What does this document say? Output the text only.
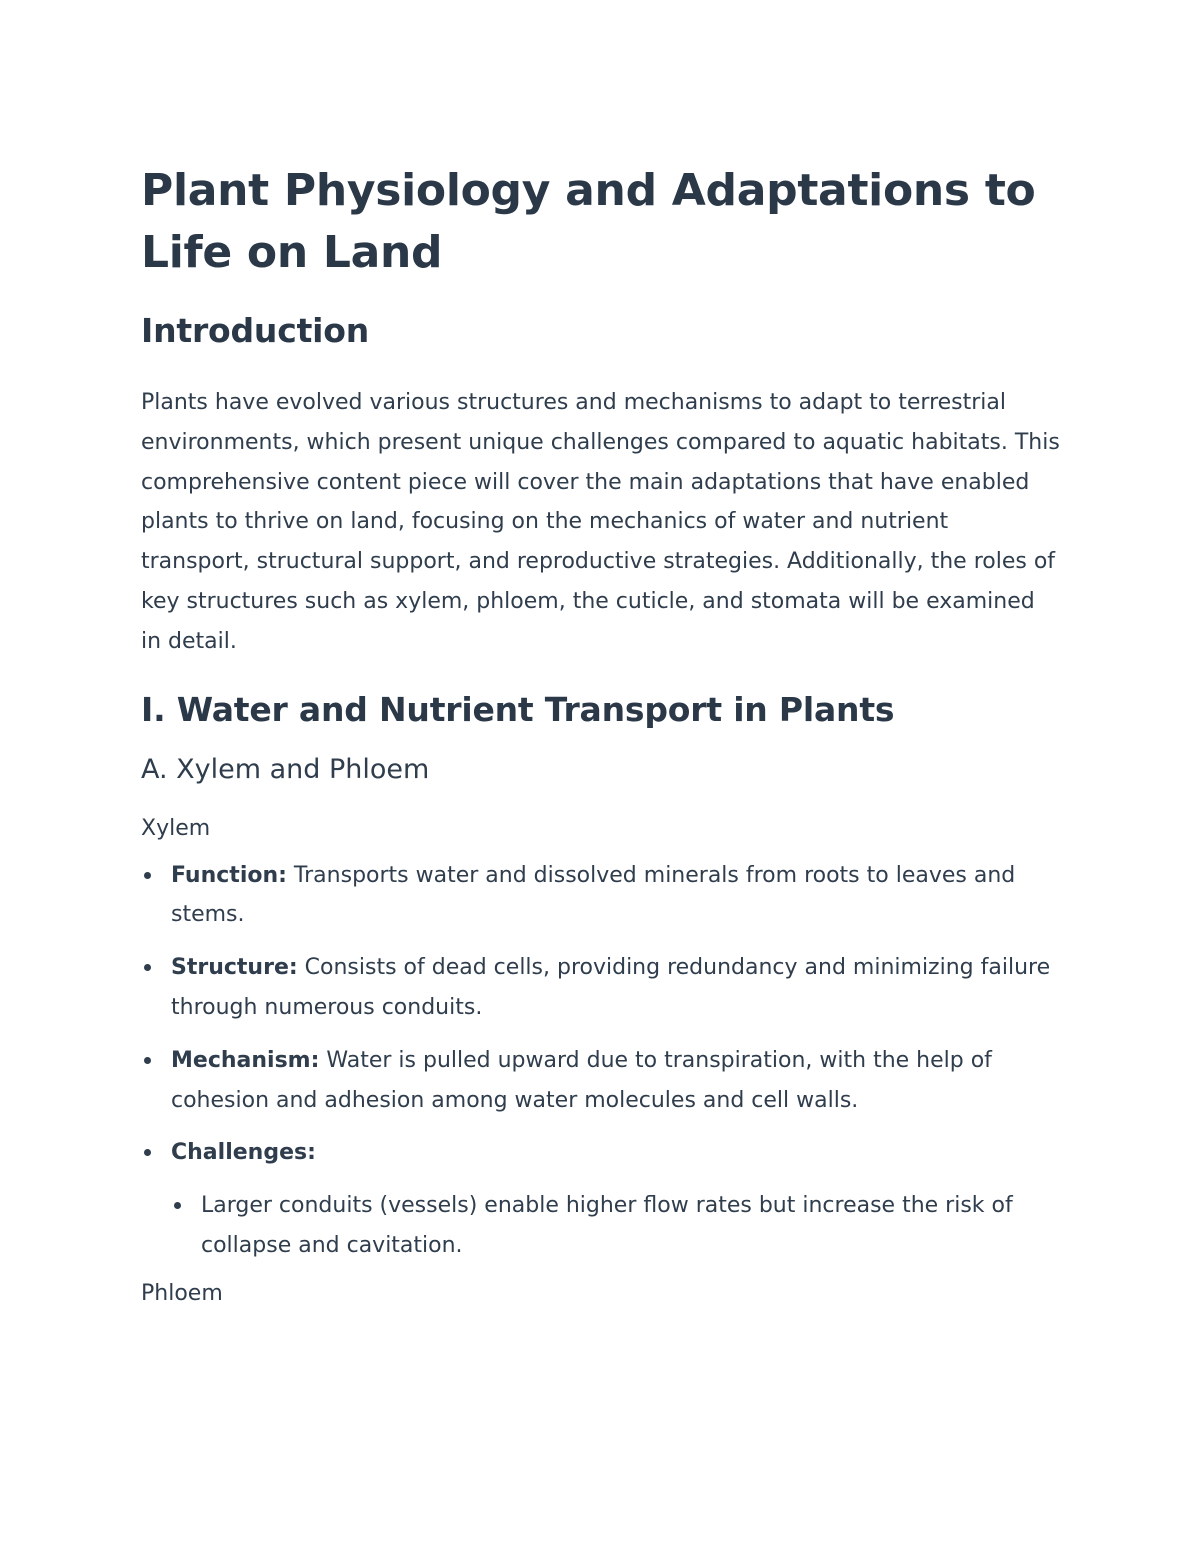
Plant Physiology and Adaptations to Life on Land
Introduction

Plants have evolved various structures and mechanisms to adapt to terrestrial environments, which present unique challenges compared to aquatic habitats. This comprehensive content piece will cover the main adaptations that have enabled plants to thrive on land, focusing on the mechanics of water and nutrient transport, structural support, and reproductive strategies. Additionally, the roles of key structures such as xylem, phloem, the cuticle, and stomata will be examined in detail.

I. Water and Nutrient Transport in Plants
A. Xylem and Phloem
Xylem
Function: Transports water and dissolved minerals from roots to leaves and stems.
Structure: Consists of dead cells, providing redundancy and minimizing failure through numerous conduits.
Mechanism: Water is pulled upward due to transpiration, with the help of cohesion and adhesion among water molecules and cell walls.
Challenges:
Larger conduits (vessels) enable higher flow rates but increase the risk of collapse and cavitation.
Phloem
